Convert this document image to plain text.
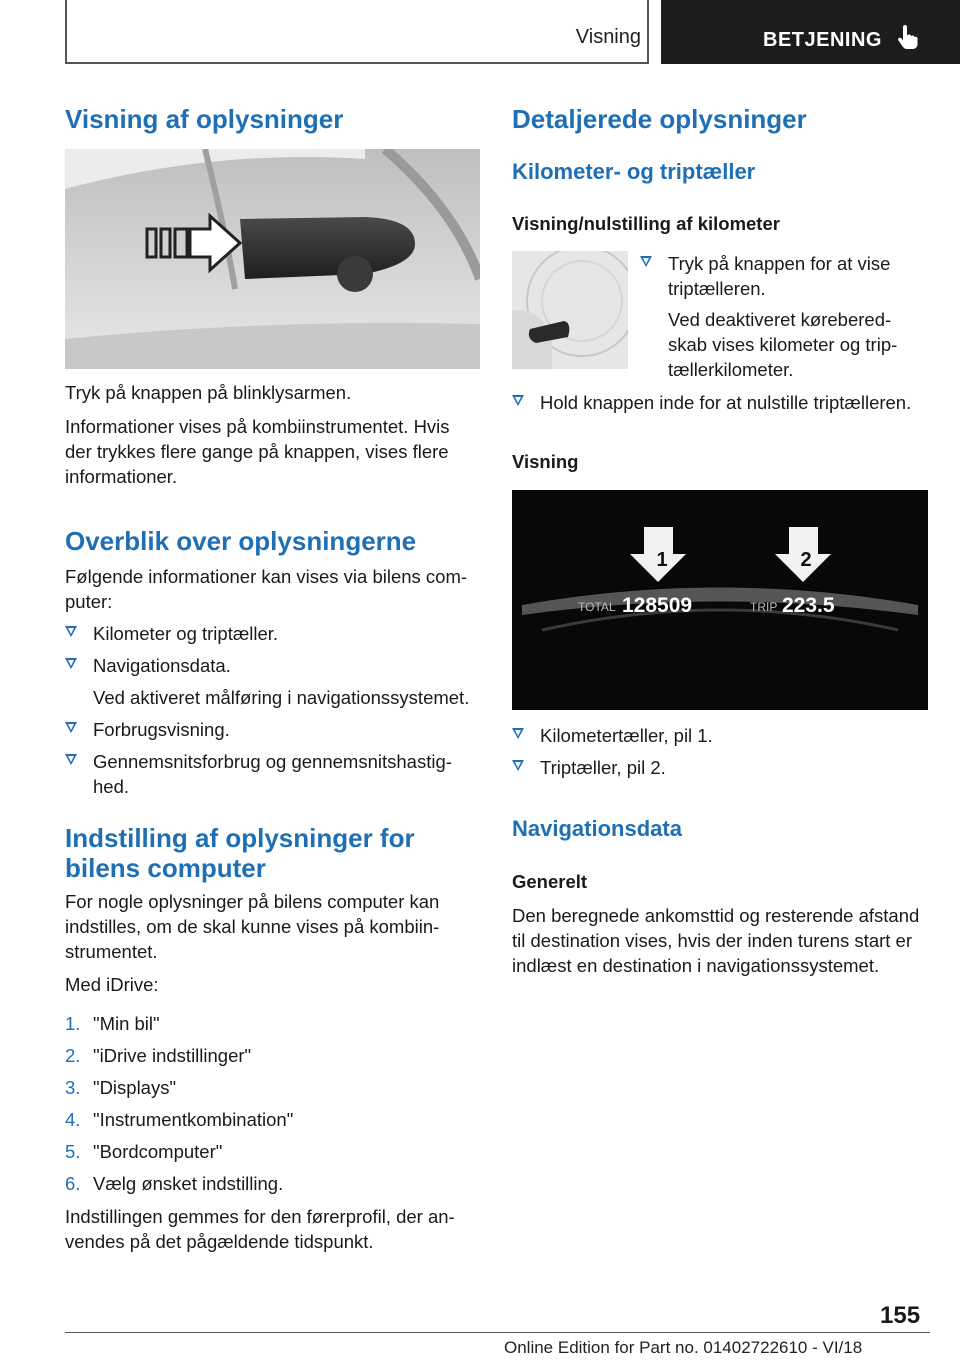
Visning	BETJENING
Visning af oplysninger
Tryk på knappen på blinklysarmen.
Informationer vises på kombiinstrumentet. Hvis der trykkes flere gange på knappen, vises flere informationer.
Overblik over oplysningerne
Følgende informationer kan vises via bilens computer:
Kilometer og triptæller.
Navigationsdata.
Ved aktiveret målføring i navigationssystemet.
Forbrugsvisning.
Gennemsnitsforbrug og gennemsnitshastighed.
Indstilling af oplysninger for bilens computer
For nogle oplysninger på bilens computer kan indstilles, om de skal kunne vises på kombiinstrumentet.
Med iDrive:
1. "Min bil"
2. "iDrive indstillinger"
3. "Displays"
4. "Instrumentkombination"
5. "Bordcomputer"
6. Vælg ønsket indstilling.
Indstillingen gemmes for den førerprofil, der anvendes på det pågældende tidspunkt.
Detaljerede oplysninger
Kilometer- og triptæller
Visning/nulstilling af kilometer
Tryk på knappen for at vise triptælleren.
Ved deaktiveret køreberedskab vises kilometer og triptællerkilometer.
Hold knappen inde for at nulstille triptælleren.
Visning
1	2
TOTAL 128509	TRIP 223.5
Kilometertæller, pil 1.
Triptæller, pil 2.
Navigationsdata
Generelt
Den beregnede ankomsttid og resterende afstand til destination vises, hvis der inden turens start er indlæst en destination i navigationssystemet.
155
Online Edition for Part no. 01402722610 - VI/18
